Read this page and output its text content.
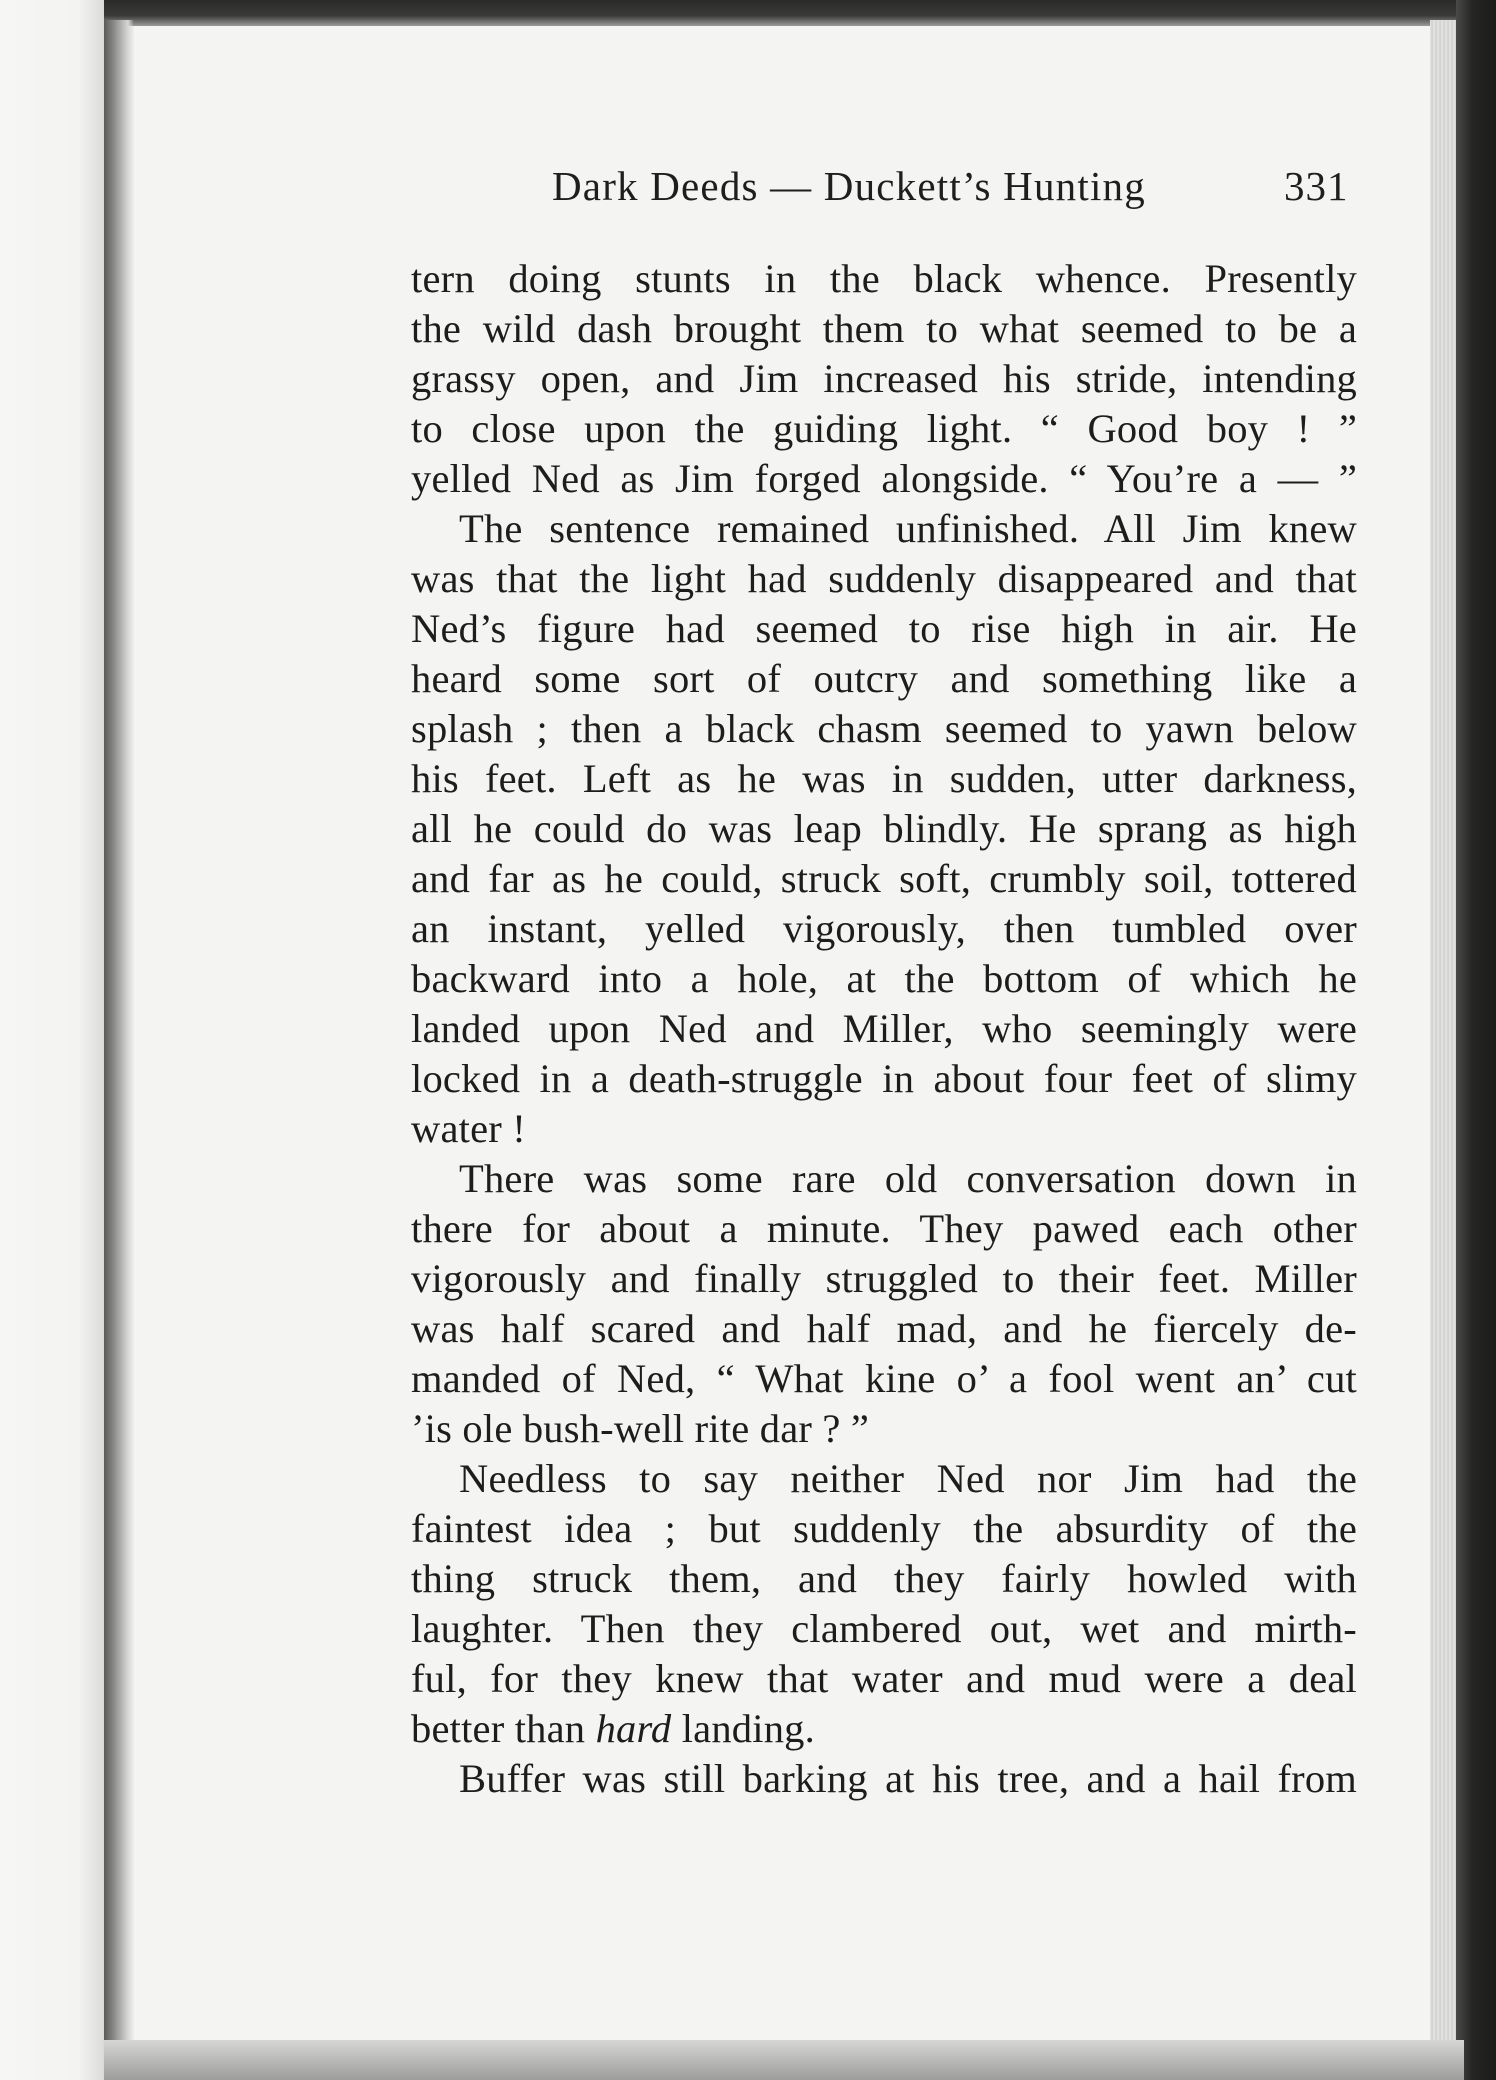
Dark Deeds — Duckett’s Hunting	331
tern doing stunts in the black whence. Presently
the wild dash brought them to what seemed to be a
grassy open, and Jim increased his stride, intending
to close upon the guiding light. “ Good boy ! ”
yelled Ned as Jim forged alongside. “ You’re a — ”
The sentence remained unfinished. All Jim knew
was that the light had suddenly disappeared and that
Ned’s figure had seemed to rise high in air. He
heard some sort of outcry and something like a
splash ; then a black chasm seemed to yawn below
his feet. Left as he was in sudden, utter darkness,
all he could do was leap blindly. He sprang as high
and far as he could, struck soft, crumbly soil, tottered
an instant, yelled vigorously, then tumbled over
backward into a hole, at the bottom of which he
landed upon Ned and Miller, who seemingly were
locked in a death-struggle in about four feet of slimy
water !
There was some rare old conversation down in
there for about a minute. They pawed each other
vigorously and finally struggled to their feet. Miller
was half scared and half mad, and he fiercely de-
manded of Ned, “ What kine o’ a fool went an’ cut
’is ole bush-well rite dar ? ”
Needless to say neither Ned nor Jim had the
faintest idea ; but suddenly the absurdity of the
thing struck them, and they fairly howled with
laughter. Then they clambered out, wet and mirth-
ful, for they knew that water and mud were a deal
better than hard landing.
Buffer was still barking at his tree, and a hail from
